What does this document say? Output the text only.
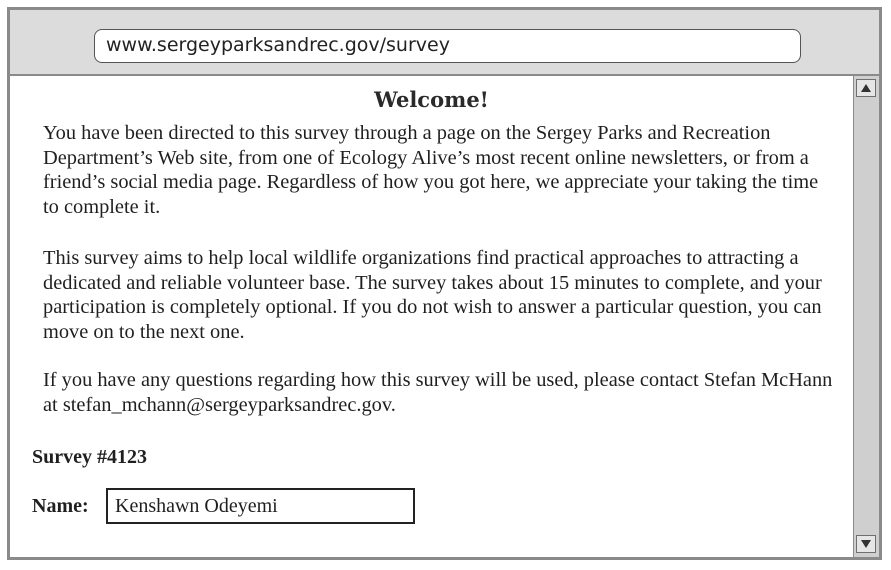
www.sergeyparksandrec.gov/survey
Welcome!

You have been directed to this survey through a page on the Sergey Parks and Recreation Department’s Web site, from one of Ecology Alive’s most recent online newsletters, or from a friend’s social media page. Regardless of how you got here, we appreciate your taking the time to complete it.

This survey aims to help local wildlife organizations find practical approaches to attracting a dedicated and reliable volunteer base. The survey takes about 15 minutes to complete, and your participation is completely optional. If you do not wish to answer a particular question, you can move on to the next one.

If you have any questions regarding how this survey will be used, please contact Stefan McHann at stefan_mchann@sergeyparksandrec.gov.

Survey #4123

Name:
Kenshawn Odeyemi
